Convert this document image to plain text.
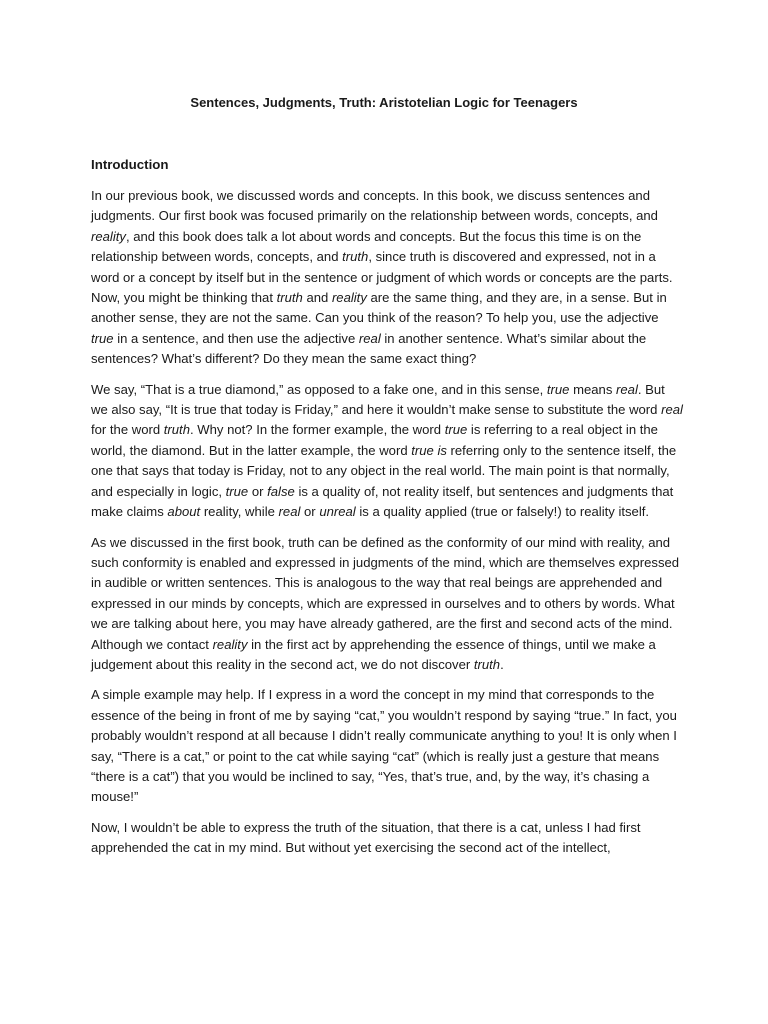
Sentences, Judgments, Truth: Aristotelian Logic for Teenagers
Introduction

In our previous book, we discussed words and concepts. In this book, we discuss sentences and judgments. Our first book was focused primarily on the relationship between words, concepts, and reality, and this book does talk a lot about words and concepts. But the focus this time is on the relationship between words, concepts, and truth, since truth is discovered and expressed, not in a word or a concept by itself but in the sentence or judgment of which words or concepts are the parts. Now, you might be thinking that truth and reality are the same thing, and they are, in a sense. But in another sense, they are not the same. Can you think of the reason? To help you, use the adjective true in a sentence, and then use the adjective real in another sentence. What’s similar about the sentences? What’s different? Do they mean the same exact thing?

We say, “That is a true diamond,” as opposed to a fake one, and in this sense, true means real. But we also say, “It is true that today is Friday,” and here it wouldn’t make sense to substitute the word real for the word truth. Why not? In the former example, the word true is referring to a real object in the world, the diamond. But in the latter example, the word true is referring only to the sentence itself, the one that says that today is Friday, not to any object in the real world. The main point is that normally, and especially in logic, true or false is a quality of, not reality itself, but sentences and judgments that make claims about reality, while real or unreal is a quality applied (true or falsely!) to reality itself.

As we discussed in the first book, truth can be defined as the conformity of our mind with reality, and such conformity is enabled and expressed in judgments of the mind, which are themselves expressed in audible or written sentences. This is analogous to the way that real beings are apprehended and expressed in our minds by concepts, which are expressed in ourselves and to others by words. What we are talking about here, you may have already gathered, are the first and second acts of the mind. Although we contact reality in the first act by apprehending the essence of things, until we make a judgement about this reality in the second act, we do not discover truth.

A simple example may help. If I express in a word the concept in my mind that corresponds to the essence of the being in front of me by saying “cat,” you wouldn’t respond by saying “true.” In fact, you probably wouldn’t respond at all because I didn’t really communicate anything to you! It is only when I say, “There is a cat,” or point to the cat while saying “cat” (which is really just a gesture that means “there is a cat”) that you would be inclined to say, “Yes, that’s true, and, by the way, it’s chasing a mouse!”

Now, I wouldn’t be able to express the truth of the situation, that there is a cat, unless I had first apprehended the cat in my mind. But without yet exercising the second act of the intellect,
